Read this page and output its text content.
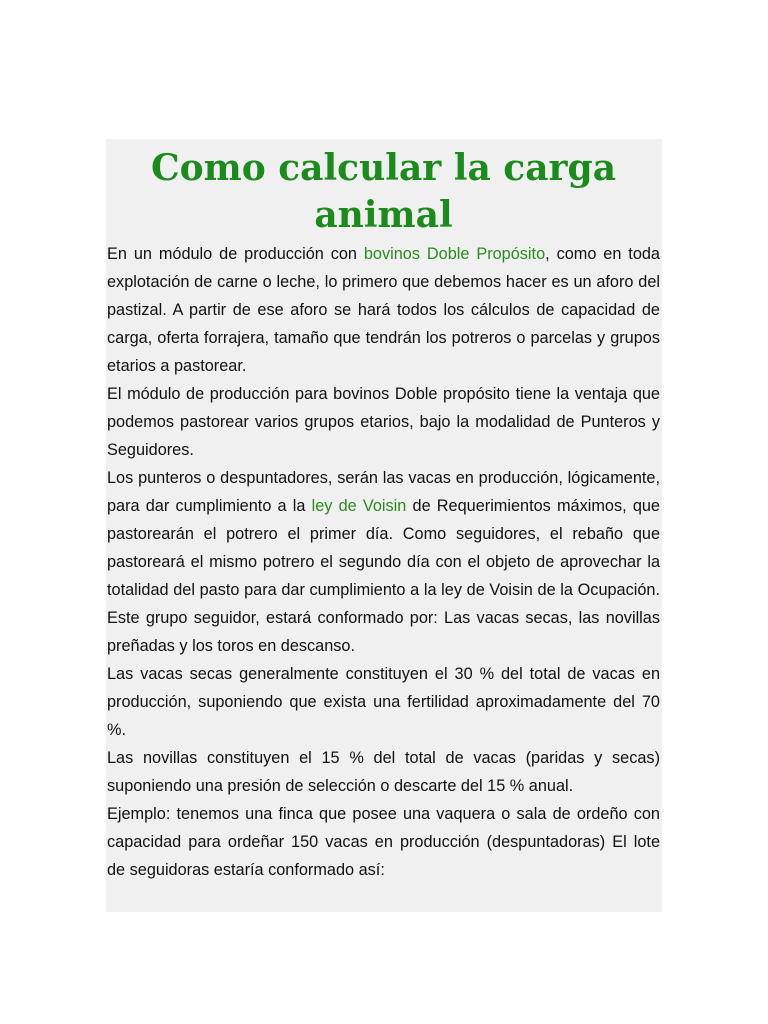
Como calcular la carga animal

En un módulo de producción con bovinos Doble Propósito, como en toda explotación de carne o leche, lo primero que debemos hacer es un aforo del pastizal. A partir de ese aforo se hará todos los cálculos de capacidad de carga, oferta forrajera, tamaño que tendrán los potreros o parcelas y grupos etarios a pastorear.

El módulo de producción para bovinos Doble propósito tiene la ventaja que podemos pastorear varios grupos etarios, bajo la modalidad de Punteros y Seguidores.

Los punteros o despuntadores, serán las vacas en producción, lógicamente, para dar cumplimiento a la ley de Voisin de Requerimientos máximos, que pastorearán el potrero el primer día. Como seguidores, el rebaño que pastoreará el mismo potrero el segundo día con el objeto de aprovechar la totalidad del pasto para dar cumplimiento a la ley de Voisin de la Ocupación. Este grupo seguidor, estará conformado por: Las vacas secas, las novillas preñadas y los toros en descanso.

Las vacas secas generalmente constituyen el 30 % del total de vacas en producción, suponiendo que exista una fertilidad aproximadamente del 70 %.

Las novillas constituyen el 15 % del total de vacas (paridas y secas) suponiendo una presión de selección o descarte del 15 % anual.

Ejemplo: tenemos una finca que posee una vaquera o sala de ordeño con capacidad para ordeñar 150 vacas en producción (despuntadoras) El lote de seguidoras estaría conformado así:
